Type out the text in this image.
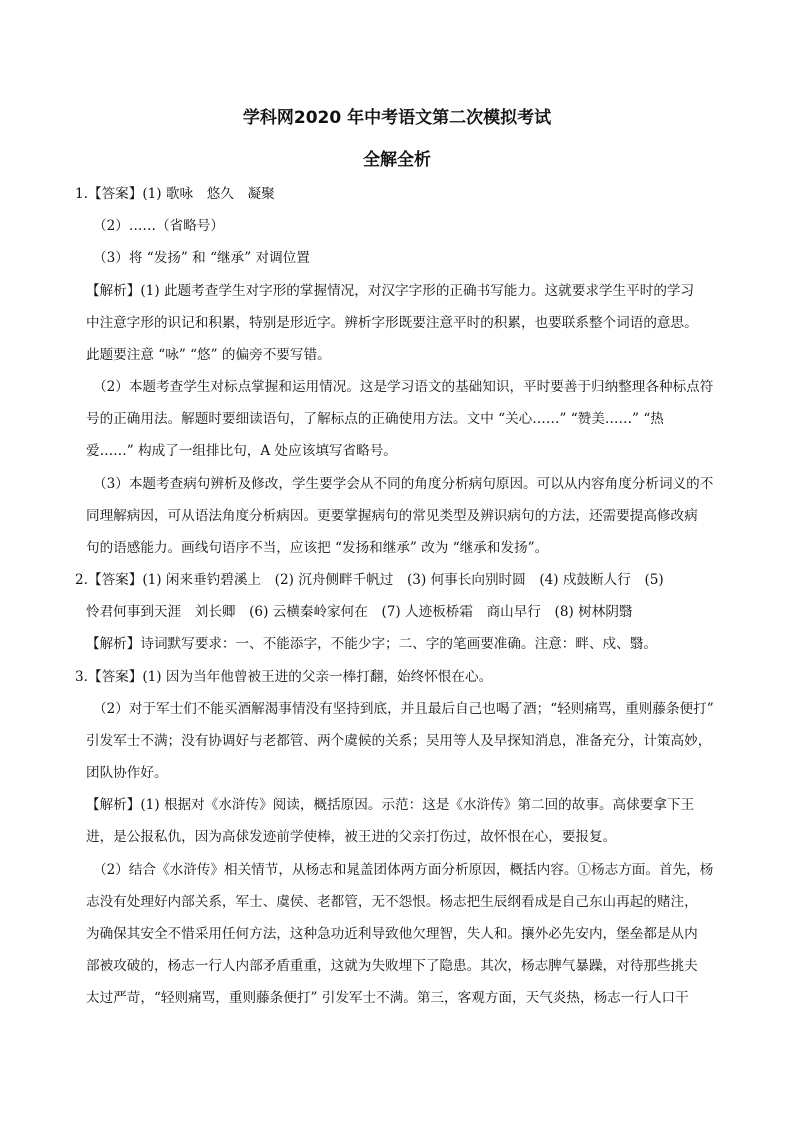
学科网2020 年中考语文第二次模拟考试
全解全析
1.【答案】(1) 歌咏　悠久　凝聚
（2）……（省略号）
（3）将 “发扬” 和 “继承” 对调位置
【解析】(1) 此题考查学生对字形的掌握情况，对汉字字形的正确书写能力。这就要求学生平时的学习
中注意字形的识记和积累，特别是形近字。辨析字形既要注意平时的积累，也要联系整个词语的意思。
此题要注意 “咏” “悠” 的偏旁不要写错。
（2）本题考查学生对标点掌握和运用情况。这是学习语文的基础知识，平时要善于归纳整理各种标点符
号的正确用法。解题时要细读语句，了解标点的正确使用方法。文中 “关心……” “赞美……” “热
爱……” 构成了一组排比句，A 处应该填写省略号。
（3）本题考查病句辨析及修改，学生要学会从不同的角度分析病句原因。可以从内容角度分析词义的不
同理解病因，可从语法角度分析病因。更要掌握病句的常见类型及辨识病句的方法，还需要提高修改病
句的语感能力。画线句语序不当，应该把 “发扬和继承” 改为 “继承和发扬”。
2.【答案】(1) 闲来垂钓碧溪上　(2) 沉舟侧畔千帆过　(3) 何事长向别时圆　(4) 戍鼓断人行　(5)
怜君何事到天涯　刘长卿　(6) 云横秦岭家何在　(7) 人迹板桥霜　商山早行　(8) 树林阴翳
【解析】诗词默写要求：一、不能添字，不能少字；二、字的笔画要准确。注意：畔、戍、翳。
3.【答案】(1) 因为当年他曾被王进的父亲一棒打翻，始终怀恨在心。
（2）对于军士们不能买酒解渴事情没有坚持到底，并且最后自己也喝了酒；“轻则痛骂，重则藤条便打”
引发军士不满；没有协调好与老都管、两个虞候的关系；吴用等人及早探知消息，准备充分，计策高妙，
团队协作好。
【解析】(1) 根据对《水浒传》阅读，概括原因。示范：这是《水浒传》第二回的故事。高俅要拿下王
进，是公报私仇，因为高俅发迹前学使棒，被王进的父亲打伤过，故怀恨在心，要报复。
（2）结合《水浒传》相关情节，从杨志和晁盖团体两方面分析原因，概括内容。①杨志方面。首先，杨
志没有处理好内部关系，军士、虞侯、老都管，无不怨恨。杨志把生辰纲看成是自己东山再起的赌注，
为确保其安全不惜采用任何方法，这种急功近利导致他欠理智，失人和。攘外必先安内，堡垒都是从内
部被攻破的，杨志一行人内部矛盾重重，这就为失败埋下了隐患。其次，杨志脾气暴躁，对待那些挑夫
太过严苛，“轻则痛骂，重则藤条便打” 引发军士不满。第三，客观方面，天气炎热，杨志一行人口干
